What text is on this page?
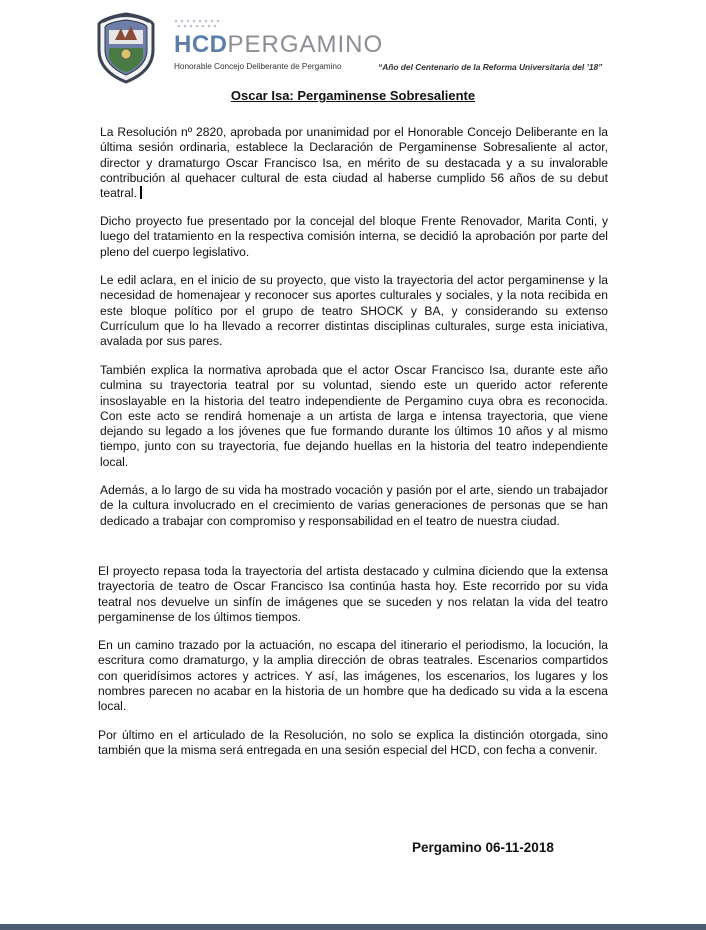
HCDPERGAMINO
Honorable Concejo Deliberante de Pergamino	“Año del Centenario de la Reforma Universitaria del ’18”
Oscar Isa: Pergaminense Sobresaliente

La Resolución nº 2820, aprobada por unanimidad por el Honorable Concejo Deliberante en la última sesión ordinaria, establece la Declaración de Pergaminense Sobresaliente al actor, director y dramaturgo Oscar Francisco Isa, en mérito de su destacada y a su invalorable contribución al quehacer cultural de esta ciudad al haberse cumplido 56 años de su debut teatral.

Dicho proyecto fue presentado por la concejal del bloque Frente Renovador, Marita Conti, y luego del tratamiento en la respectiva comisión interna, se decidió la aprobación por parte del pleno del cuerpo legislativo.

Le edil aclara, en el inicio de su proyecto, que visto la trayectoria del actor pergaminense y la necesidad de homenajear y reconocer sus aportes culturales y sociales, y la nota recibida en este bloque político por el grupo de teatro SHOCK y BA, y considerando su extenso Currículum que lo ha llevado a recorrer distintas disciplinas culturales, surge esta iniciativa, avalada por sus pares.

También explica la normativa aprobada que el actor Oscar Francisco Isa, durante este año culmina su trayectoria teatral por su voluntad, siendo este un querido actor referente insoslayable en la historia del teatro independiente de Pergamino cuya obra es reconocida. Con este acto se rendirá homenaje a un artista de larga e intensa trayectoria, que viene dejando su legado a los jóvenes que fue formando durante los últimos 10 años y al mismo tiempo, junto con su trayectoria, fue dejando huellas en la historia del teatro independiente local.

Además, a lo largo de su vida ha mostrado vocación y pasión por el arte, siendo un trabajador de la cultura involucrado en el crecimiento de varias generaciones de personas que se han dedicado a trabajar con compromiso y responsabilidad en el teatro de nuestra ciudad.

El proyecto repasa toda la trayectoria del artista destacado y culmina diciendo que la extensa trayectoria de teatro de Oscar Francisco Isa continúa hasta hoy. Este recorrido por su vida teatral nos devuelve un sinfín de imágenes que se suceden y nos relatan la vida del teatro pergaminense de los últimos tiempos.

En un camino trazado por la actuación, no escapa del itinerario el periodismo, la locución, la escritura como dramaturgo, y la amplia dirección de obras teatrales. Escenarios compartidos con queridísimos actores y actrices. Y así, las imágenes, los escenarios, los lugares y los nombres parecen no acabar en la historia de un hombre que ha dedicado su vida a la escena local.

Por último en el articulado de la Resolución, no solo se explica la distinción otorgada, sino también que la misma será entregada en una sesión especial del HCD, con fecha a convenir.

Pergamino 06-11-2018
